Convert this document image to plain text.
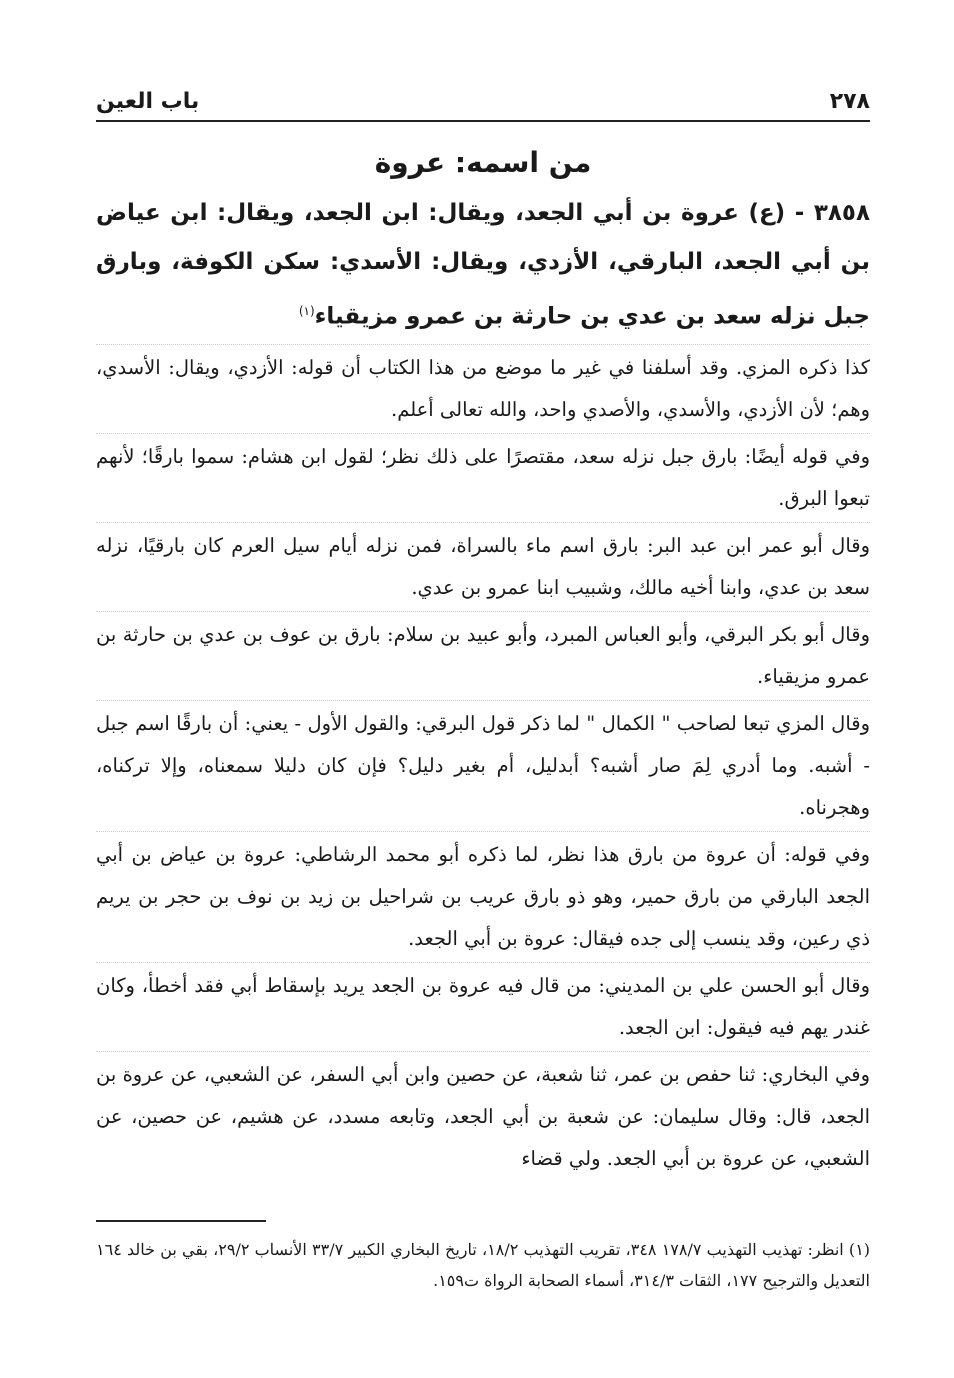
٢٧٨
باب العين
من اسمه: عروة

٣٨٥٨ - (ع) عروة بن أبي الجعد، ويقال: ابن الجعد، ويقال: ابن عياض بن أبي الجعد، البارقي، الأزدي، ويقال: الأسدي: سكن الكوفة، وبارق جبل نزله سعد بن عدي بن حارثة بن عمرو مزيقياء$^{(١)}$

كذا ذكره المزي. وقد أسلفنا في غير ما موضع من هذا الكتاب أن قوله: الأزدي، ويقال: الأسدي، وهم؛ لأن الأزدي، والأسدي، والأصدي واحد، والله تعالى أعلم.

وفي قوله أيضًا: بارق جبل نزله سعد، مقتصرًا على ذلك نظر؛ لقول ابن هشام: سموا بارقًا؛ لأنهم تبعوا البرق.

وقال أبو عمر ابن عبد البر: بارق اسم ماء بالسراة، فمن نزله أيام سيل العرم كان بارقيًا، نزله سعد بن عدي، وابنا أخيه مالك، وشبيب ابنا عمرو بن عدي.

وقال أبو بكر البرقي، وأبو العباس المبرد، وأبو عبيد بن سلام: بارق بن عوف بن عدي بن حارثة بن عمرو مزيقياء.

وقال المزي تبعا لصاحب " الكمال " لما ذكر قول البرقي: والقول الأول - يعني: أن بارقًا اسم جبل - أشبه. وما أدري لِمَ صار أشبه؟ أبدليل، أم بغير دليل؟ فإن كان دليلا سمعناه، وإلا تركناه، وهجرناه.

وفي قوله: أن عروة من بارق هذا نظر، لما ذكره أبو محمد الرشاطي: عروة بن عياض بن أبي الجعد البارقي من بارق حمير، وهو ذو بارق عريب بن شراحيل بن زيد بن نوف بن حجر بن يريم ذي رعين، وقد ينسب إلى جده فيقال: عروة بن أبي الجعد.

وقال أبو الحسن علي بن المديني: من قال فيه عروة بن الجعد يريد بإسقاط أبي فقد أخطأ، وكان غندر يهم فيه فيقول: ابن الجعد.

وفي البخاري: ثنا حفص بن عمر، ثنا شعبة، عن حصين وابن أبي السفر، عن الشعبي، عن عروة بن الجعد، قال: وقال سليمان: عن شعبة بن أبي الجعد، وتابعه مسدد، عن هشيم، عن حصين، عن الشعبي، عن عروة بن أبي الجعد. ولي قضاء

(١) انظر: تهذيب التهذيب ١٧٨/٧ ٣٤٨، تقريب التهذيب ١٨/٢، تاريخ البخاري الكبير ٣٣/٧ الأنساب ٢٩/٢، بقي بن خالد ١٦٤ التعديل والترجيح ١٧٧، الثقات ٣١٤/٣، أسماء الصحابة الرواة ت١٥٩.
